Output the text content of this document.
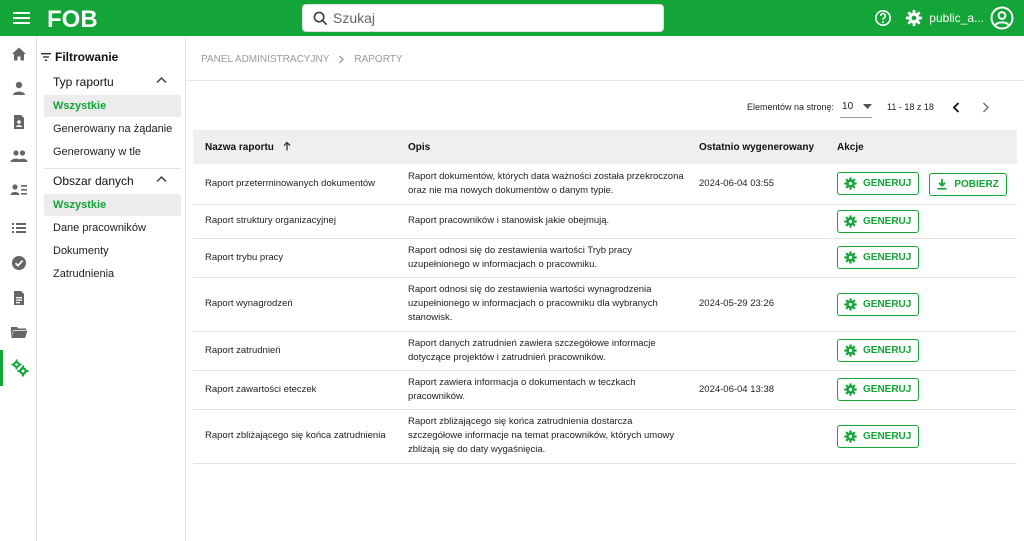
FOB
Szukaj	public_a...
Filtrowanie
Typ raportu
Wszystkie
Generowany na żądanie
Generowany w tle
Obszar danych
Wszystkie
Dane pracowników
Dokumenty
Zatrudnienia
PANEL ADMINISTRACYJNY	RAPORTY
Elementów na stronę: 10	11 - 18 z 18
Nazwa raportu	Opis	Ostatnio wygenerowany	Akcje
Raport przeterminowanych dokumentów	Raport dokumentów, których data ważności została przekroczona oraz nie ma nowych dokumentów o danym typie.	2024-06-04 03:55	GENERUJ POBIERZ

Raport struktury organizacyjnej	Raport pracowników i stanowisk jakie obejmują.		GENERUJ

Raport trybu pracy	Raport odnosi się do zestawienia wartości Tryb pracy uzupełnionego w informacjach o pracowniku.		GENERUJ

Raport wynagrodzeń	Raport odnosi się do zestawienia wartości wynagrodzenia uzupełnionego w informacjach o pracowniku dla wybranych stanowisk.	2024-05-29 23:26	GENERUJ

Raport zatrudnień	Raport danych zatrudnień zawiera szczegółowe informacje dotyczące projektów i zatrudnień pracowników.		GENERUJ

Raport zawartości eteczek	Raport zawiera informacja o dokumentach w teczkach pracowników.	2024-06-04 13:38	GENERUJ

Raport zbliżającego się końca zatrudnienia	Raport zbliżającego się końca zatrudnienia dostarcza szczegółowe informacje na temat pracowników, których umowy zbliżają się do daty wygaśnięcia.		GENERUJ
